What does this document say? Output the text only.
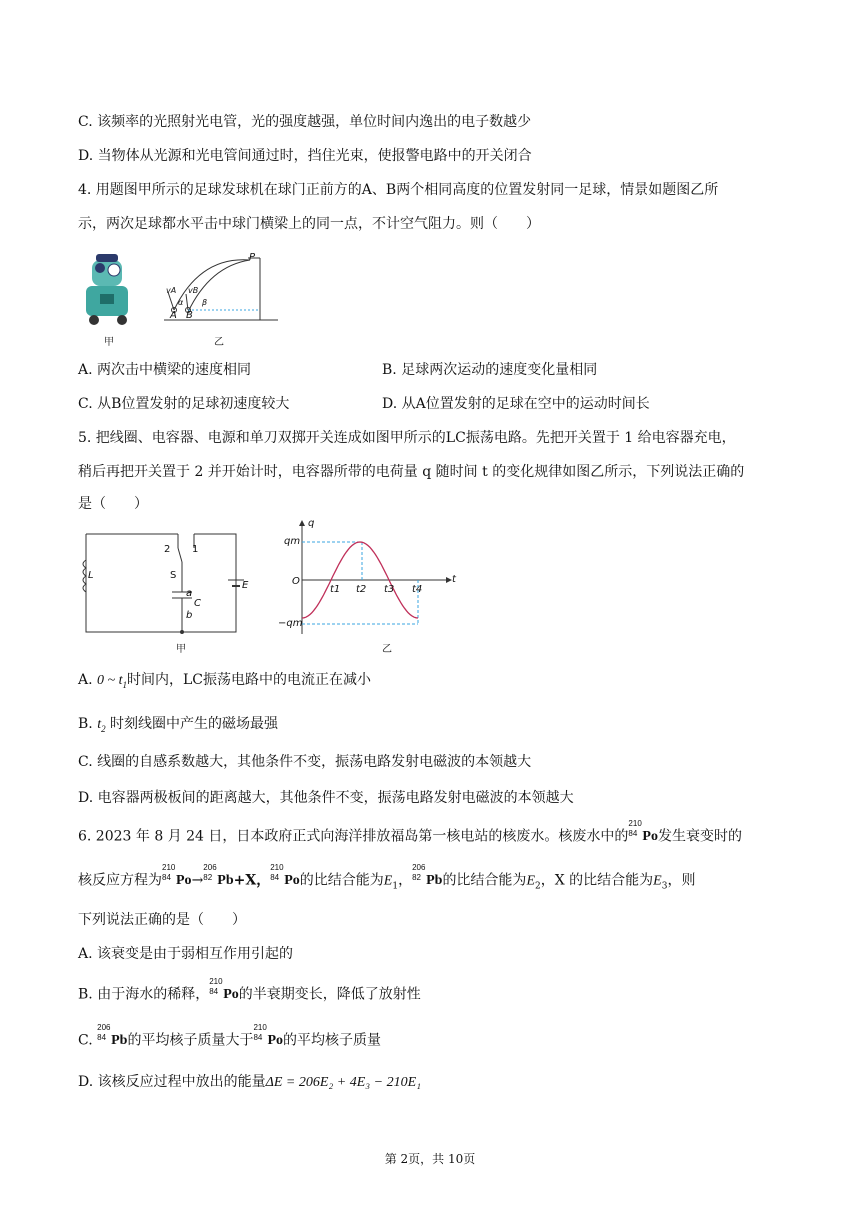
C. 该频率的光照射光电管，光的强度越强，单位时间内逸出的电子数越少
D. 当物体从光源和光电管间通过时，挡住光束，使报警电路中的开关闭合
4. 用题图甲所示的足球发球机在球门正前方的A、B两个相同高度的位置发射同一足球，情景如题图乙所
示，两次足球都水平击中球门横梁上的同一点，不计空气阻力。则（　　）
甲
P
A B
vA vB
α β
乙
A. 两次击中横梁的速度相同	B. 足球两次运动的速度变化量相同
C. 从B位置发射的足球初速度较大	D. 从A位置发射的足球在空中的运动时间长
5. 把线圈、电容器、电源和单刀双掷开关连成如图甲所示的LC振荡电路。先把开关置于 1 给电容器充电，
稍后再把开关置于 2 并开始计时，电容器所带的电荷量 q 随时间 t 的变化规律如图乙所示，下列说法正确的
是（　　）
L
2 1
S
a
C
b
E
甲
q
t
O
qm
−qm
t1 t2 t3 t4
乙
A. 0 ~ $t_1$时间内，LC振荡电路中的电流正在减小
B. $t_2$ 时刻线圈中产生的磁场最强
C. 线圈的自感系数越大，其他条件不变，振荡电路发射电磁波的本领越大
D. 电容器两极板间的距离越大，其他条件不变，振荡电路发射电磁波的本领越大
6. 2023 年 8 月 24 日，日本政府正式向海洋排放福岛第一核电站的核废水。核废水中的
210
84 Po发生衰变时的
核反应方程为
210
84 Po→
206
82 Pb+X，
210
84 Po的比结合能为$E_1$，
206
82 Pb的比结合能为$E_2$，X 的比结合能为$E_3$，则
下列说法正确的是（　　）
A. 该衰变是由于弱相互作用引起的
B. 由于海水的稀释，
210
84 Po的半衰期变长，降低了放射性
C.
206
84 Pb的平均核子质量大于
210
84 Po的平均核子质量
D. 该核反应过程中放出的能量ΔE = 206E₂ + 4E₃ − 210E₁
第 2页，共 10页
